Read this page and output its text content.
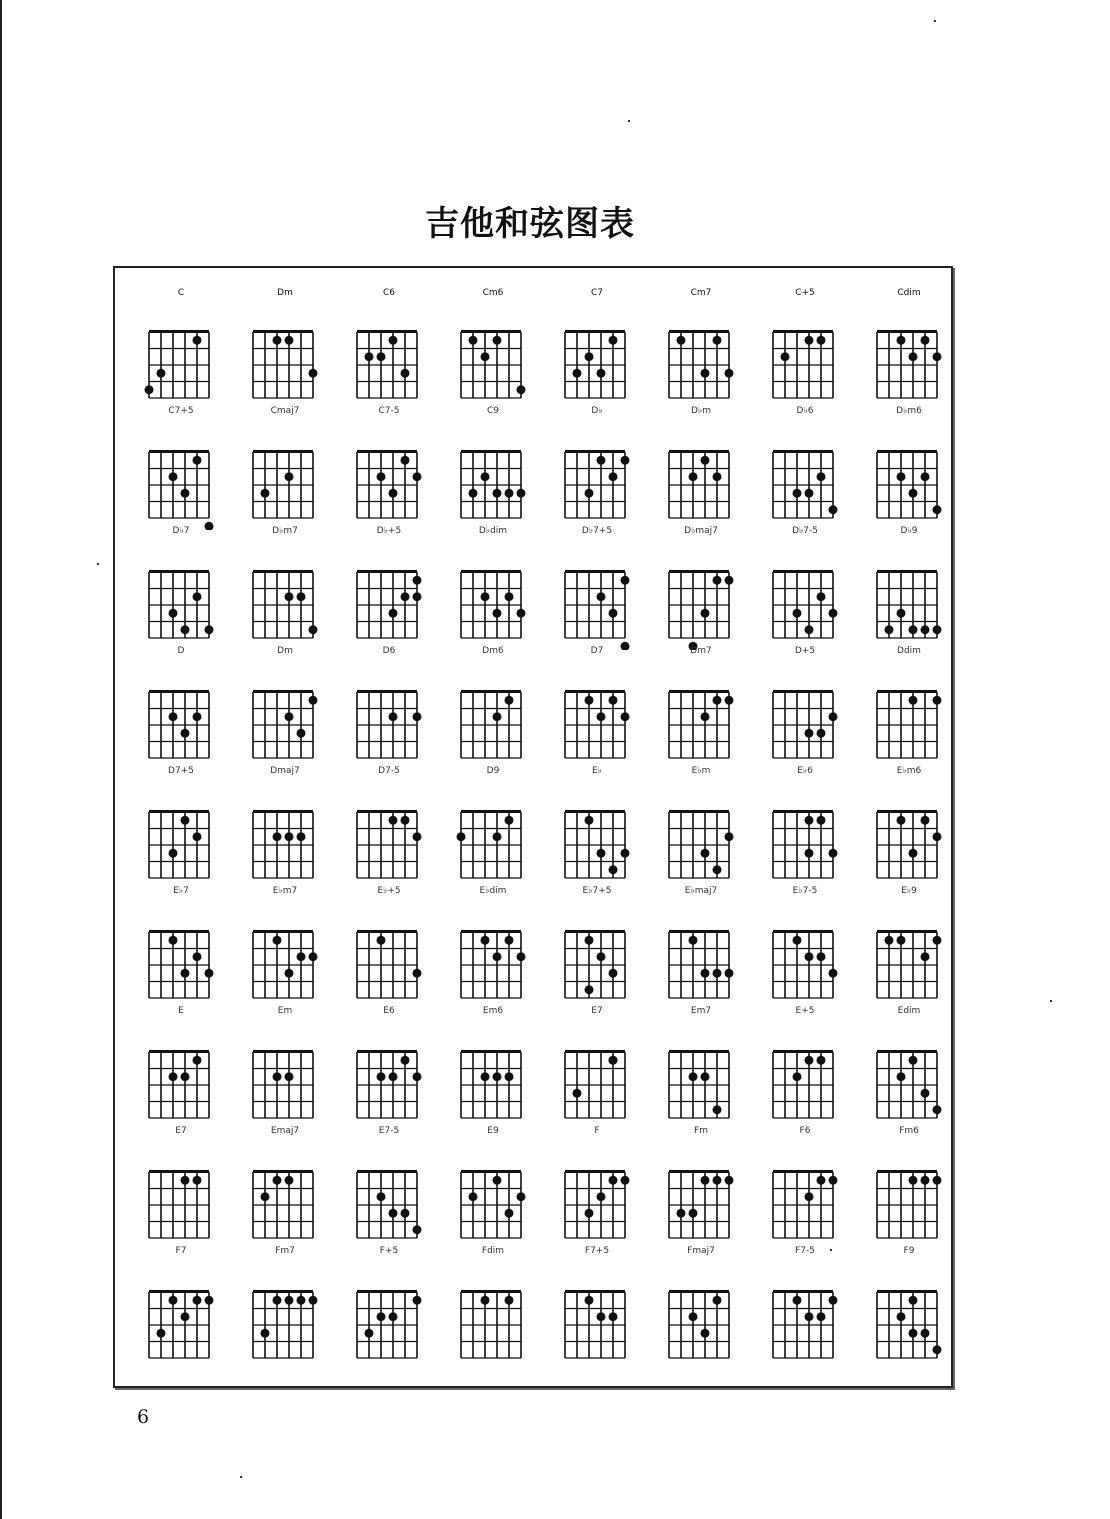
吉他和弦图表
C	Dm	C6	Cm6	C7	Cm7	C+5	Cdim
C7+5	Cmaj7	C7-5	C9	D♭	D♭m	D♭6	D♭m6
D♭7	D♭m7	D♭+5	D♭dim	D♭7+5	D♭maj7	D♭7-5	D♭9
D	Dm	D6	Dm6	D7	Dm7	D+5	Ddim
D7+5	Dmaj7	D7-5	D9	E♭	E♭m	E♭6	E♭m6
E♭7	E♭m7	E♭+5	E♭dim	E♭7+5	E♭maj7	E♭7-5	E♭9
E	Em	E6	Em6	E7	Em7	E+5	Edim
E7	Emaj7	E7-5	E9	F	Fm	F6	Fm6
F7	Fm7	F+5	Fdim	F7+5	Fmaj7	F7-5	F9
6
